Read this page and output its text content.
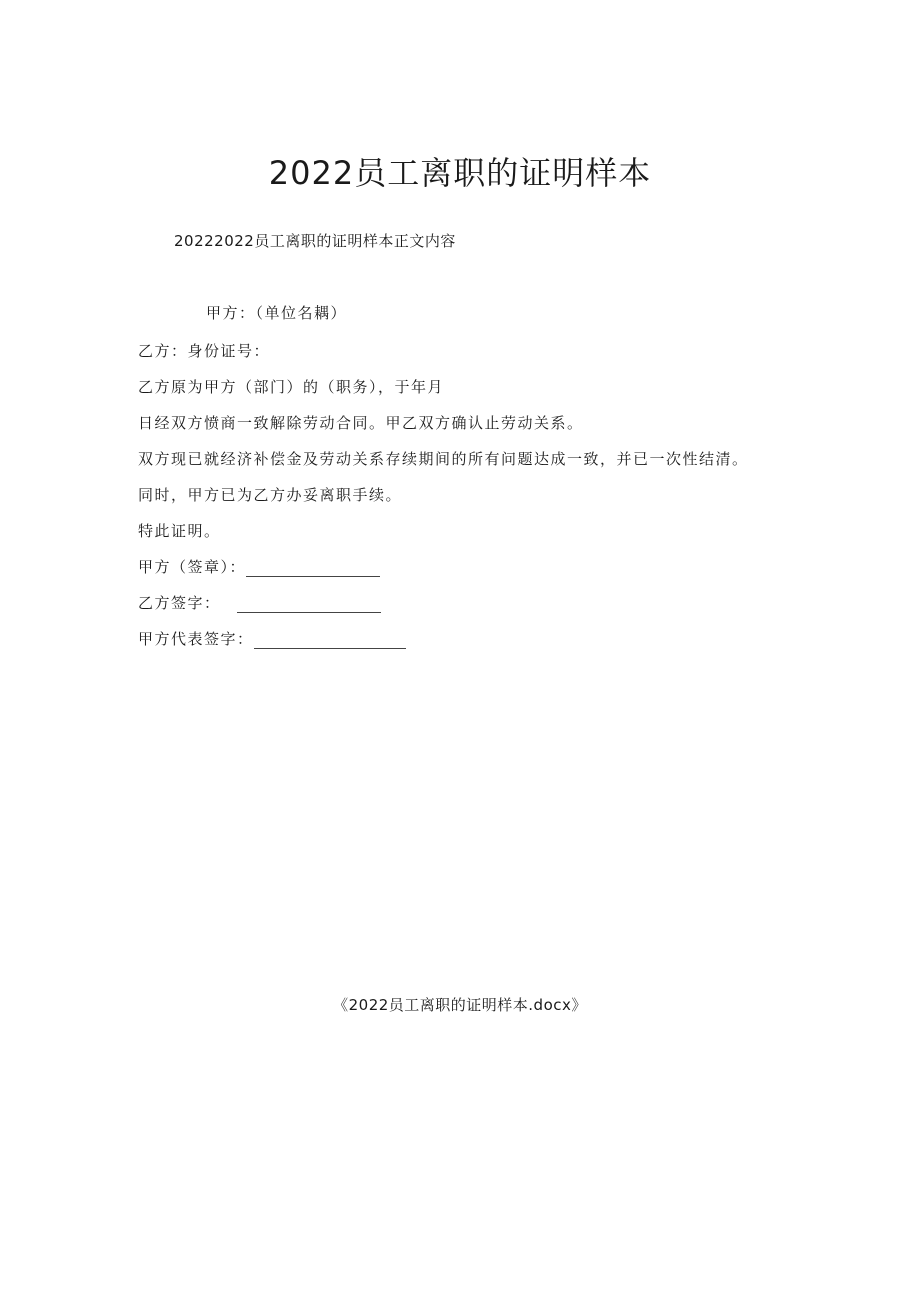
2022员工离职的证明样本
20222022员工离职的证明样本正文内容
甲方：（单位名耦）
乙方：身份证号：
乙方原为甲方（部门）的（职务），于年月
日经双方愤商一致解除劳动合同。甲乙双方确认止劳动关系。
双方现已就经济补偿金及劳动关系存续期间的所有问题达成一致，并已一次性结清。
同时，甲方已为乙方办妥离职手续。
特此证明。
甲方（签章）：
乙方签字：
甲方代表签字：
《2022员工离职的证明样本.docx》
